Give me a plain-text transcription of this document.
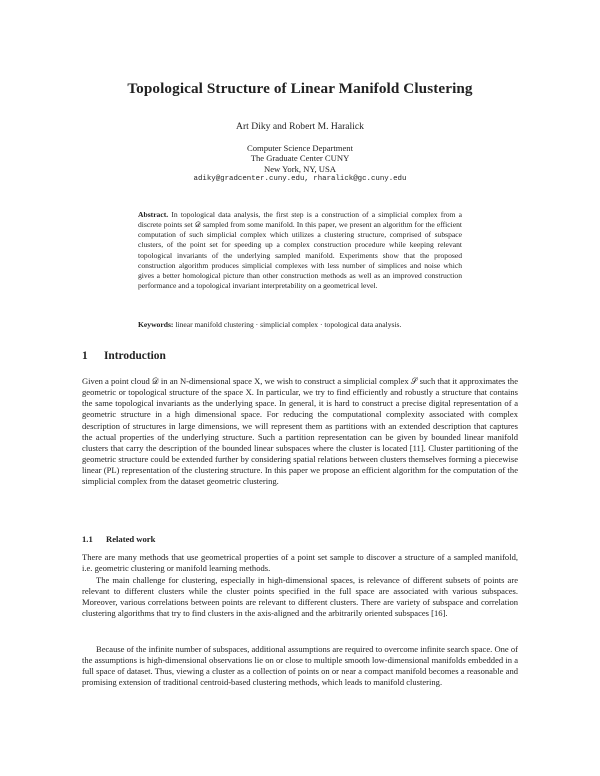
Topological Structure of Linear Manifold Clustering
Art Diky and Robert M. Haralick
Computer Science Department
The Graduate Center CUNY
New York, NY, USA
adiky@gradcenter.cuny.edu, rharalick@gc.cuny.edu
Abstract. In topological data analysis, the first step is a construction of a simplicial complex from a discrete points set 𝒟 sampled from some manifold. In this paper, we present an algorithm for the efficient computation of such simplicial complex which utilizes a clustering structure, comprised of subspace clusters, of the point set for speeding up a complex construction procedure while keeping relevant topological invariants of the underlying sampled manifold. Experiments show that the proposed construction algorithm produces simplicial complexes with less number of simplices and noise which gives a better homological picture than other construction methods as well as an improved construction performance and a topological invariant interpretability on a geometrical level.
Keywords: linear manifold clustering · simplicial complex · topological data analysis.
1 Introduction

Given a point cloud 𝒟 in an N-dimensional space X, we wish to construct a simplicial complex 𝒮 such that it approximates the geometric or topological structure of the space X. In particular, we try to find efficiently and robustly a structure that contains the same topological invariants as the underlying space. In general, it is hard to construct a precise digital representation of a geometric structure in a high dimensional space. For reducing the computational complexity associated with complex description of structures in large dimensions, we will represent them as partitions with an extended description that captures the actual properties of the underlying structure. Such a partition representation can be given by bounded linear manifold clusters that carry the description of the bounded linear subspaces where the cluster is located [11]. Cluster partitioning of the geometric structure could be extended further by considering spatial relations between clusters themselves forming a piecewise linear (PL) representation of the clustering structure. In this paper we propose an efficient algorithm for the computation of the simplicial complex from the dataset geometric clustering.

1.1 Related work

There are many methods that use geometrical properties of a point set sample to discover a structure of a sampled manifold, i.e. geometric clustering or manifold learning methods.

The main challenge for clustering, especially in high-dimensional spaces, is relevance of different subsets of points are relevant to different clusters while the cluster points specified in the full space are associated with various subspaces. Moreover, various correlations between points are relevant to different clusters. There are variety of subspace and correlation clustering algorithms that try to find clusters in the axis-aligned and the arbitrarily oriented subspaces [16].

Because of the infinite number of subspaces, additional assumptions are required to overcome infinite search space. One of the assumptions is high-dimensional observations lie on or close to multiple smooth low-dimensional manifolds embedded in a full space of dataset. Thus, viewing a cluster as a collection of points on or near a compact manifold becomes a reasonable and promising extension of traditional centroid-based clustering methods, which leads to manifold clustering.
